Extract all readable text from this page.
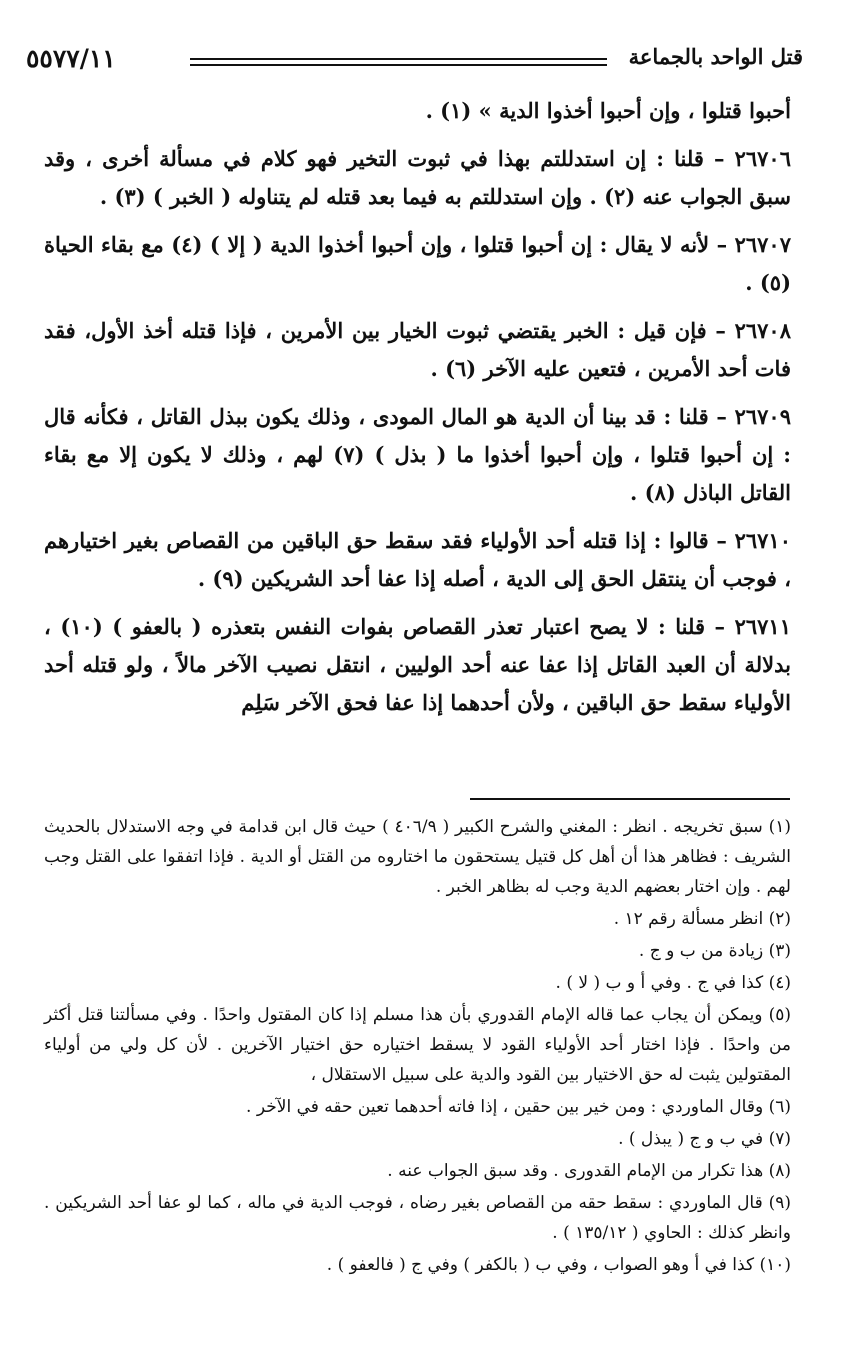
٥٥٧٧/١١	قتل الواحد بالجماعة

أحبوا قتلوا ، وإن أحبوا أخذوا الدية » (١) .

٢٦٧٠٦ – قلنا : إن استدللتم بهذا في ثبوت التخير فهو كلام في مسألة أخرى ، وقد سبق الجواب عنه (٢) . وإن استدللتم به فيما بعد قتله لم يتناوله ( الخبر ) (٣) .

٢٦٧٠٧ – لأنه لا يقال : إن أحبوا قتلوا ، وإن أحبوا أخذوا الدية ( إلا ) (٤) مع بقاء الحياة (٥) .

٢٦٧٠٨ – فإن قيل : الخبر يقتضي ثبوت الخيار بين الأمرين ، فإذا قتله أخذ الأول، فقد فات أحد الأمرين ، فتعين عليه الآخر (٦) .

٢٦٧٠٩ – قلنا : قد بينا أن الدية هو المال المودى ، وذلك يكون ببذل القاتل ، فكأنه قال : إن أحبوا قتلوا ، وإن أحبوا أخذوا ما ( بذل ) (٧) لهم ، وذلك لا يكون إلا مع بقاء القاتل الباذل (٨) .

٢٦٧١٠ – قالوا : إذا قتله أحد الأولياء فقد سقط حق الباقين من القصاص بغير اختيارهم ، فوجب أن ينتقل الحق إلى الدية ، أصله إذا عفا أحد الشريكين (٩) .

٢٦٧١١ – قلنا : لا يصح اعتبار تعذر القصاص بفوات النفس بتعذره ( بالعفو ) (١٠) ، بدلالة أن العبد القاتل إذا عفا عنه أحد الوليين ، انتقل نصيب الآخر مالاً ، ولو قتله أحد الأولياء سقط حق الباقين ، ولأن أحدهما إذا عفا فحق الآخر سَلِم

(١) سبق تخريجه . انظر : المغني والشرح الكبير ( ٤٠٦/٩ ) حيث قال ابن قدامة في وجه الاستدلال بالحديث الشريف : فظاهر هذا أن أهل كل قتيل يستحقون ما اختاروه من القتل أو الدية . فإذا اتفقوا على القتل وجب لهم . وإن اختار بعضهم الدية وجب له بظاهر الخبر .

(٢) انظر مسألة رقم ١٢ .

(٣) زيادة من ب و ج .

(٤) كذا في ج . وفي أ و ب ( لا ) .

(٥) ويمكن أن يجاب عما قاله الإمام القدوري بأن هذا مسلم إذا كان المقتول واحدًا . وفي مسألتنا قتل أكثر من واحدًا . فإذا اختار أحد الأولياء القود لا يسقط اختياره حق اختيار الآخرين . لأن كل ولي من أولياء المقتولين يثبت له حق الاختيار بين القود والدية على سبيل الاستقلال ،

(٦) وقال الماوردي : ومن خير بين حقين ، إذا فاته أحدهما تعين حقه في الآخر .

(٧) في ب و ج ( يبذل ) .

(٨) هذا تكرار من الإمام القدورى . وقد سبق الجواب عنه .

(٩) قال الماوردي : سقط حقه من القصاص بغير رضاه ، فوجب الدية في ماله ، كما لو عفا أحد الشريكين . وانظر كذلك : الحاوي ( ١٣٥/١٢ ) .

(١٠) كذا في أ وهو الصواب ، وفي ب ( بالكفر ) وفي ج ( فالعفو ) .
